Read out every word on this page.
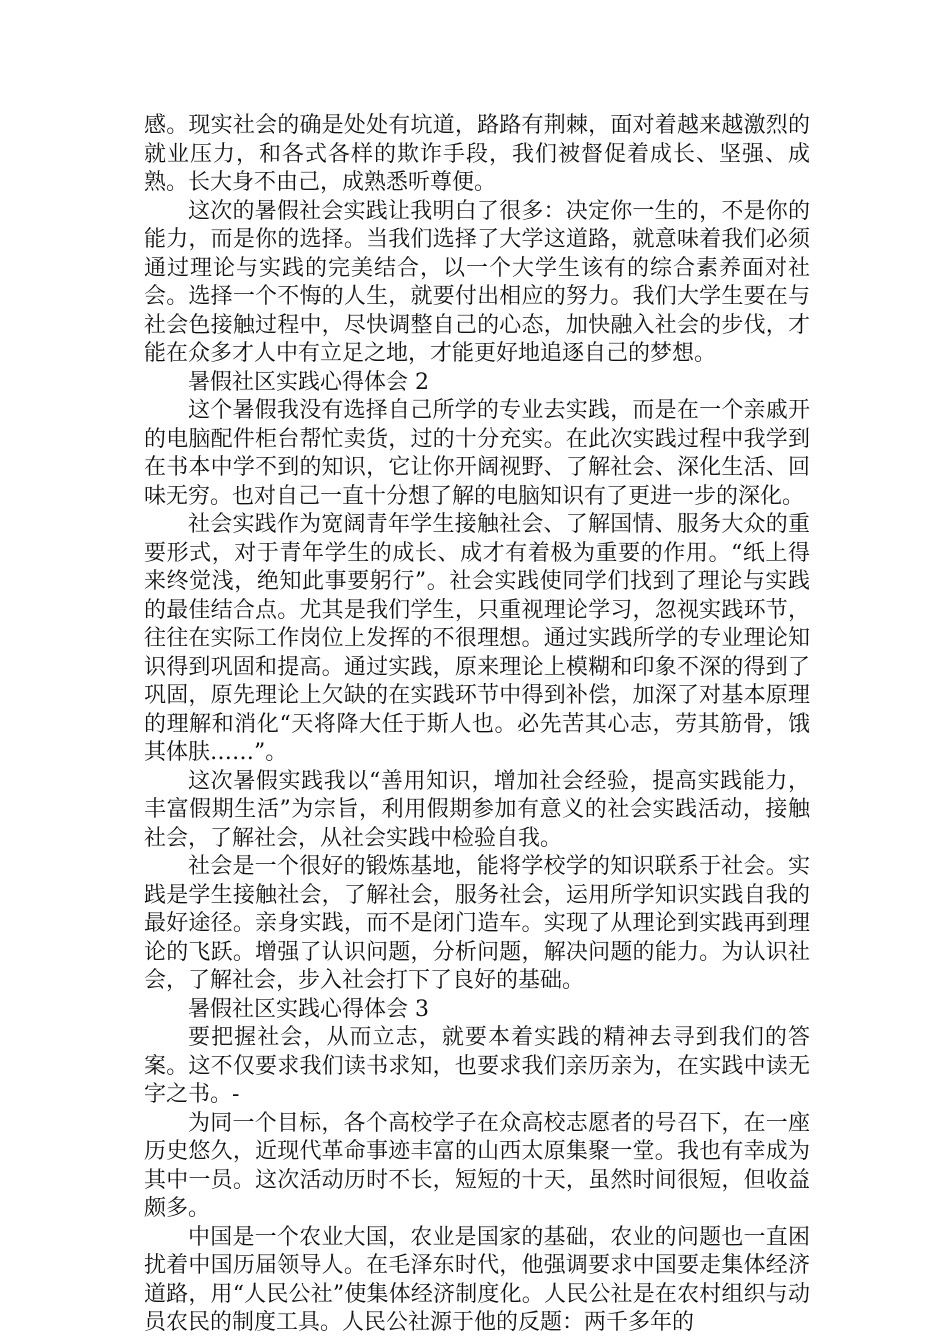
感。现实社会的确是处处有坑道，路路有荆棘，面对着越来越激烈的就业压力，和各式各样的欺诈手段，我们被督促着成长、坚强、成熟。长大身不由己，成熟悉听尊便。

这次的暑假社会实践让我明白了很多：决定你一生的，不是你的能力，而是你的选择。当我们选择了大学这道路，就意味着我们必须通过理论与实践的完美结合，以一个大学生该有的综合素养面对社会。选择一个不悔的人生，就要付出相应的努力。我们大学生要在与社会色接触过程中，尽快调整自己的心态，加快融入社会的步伐，才能在众多才人中有立足之地，才能更好地追逐自己的梦想。

暑假社区实践心得体会 2

这个暑假我没有选择自己所学的专业去实践，而是在一个亲戚开的电脑配件柜台帮忙卖货，过的十分充实。在此次实践过程中我学到在书本中学不到的知识，它让你开阔视野、了解社会、深化生活、回味无穷。也对自己一直十分想了解的电脑知识有了更进一步的深化。

社会实践作为宽阔青年学生接触社会、了解国情、服务大众的重要形式，对于青年学生的成长、成才有着极为重要的作用。“纸上得来终觉浅，绝知此事要躬行”。社会实践使同学们找到了理论与实践的最佳结合点。尤其是我们学生，只重视理论学习，忽视实践环节，往往在实际工作岗位上发挥的不很理想。通过实践所学的专业理论知识得到巩固和提高。通过实践，原来理论上模糊和印象不深的得到了巩固，原先理论上欠缺的在实践环节中得到补偿，加深了对基本原理的理解和消化“天将降大任于斯人也。必先苦其心志，劳其筋骨，饿其体肤……”。

这次暑假实践我以“善用知识，增加社会经验，提高实践能力，丰富假期生活”为宗旨，利用假期参加有意义的社会实践活动，接触社会，了解社会，从社会实践中检验自我。

社会是一个很好的锻炼基地，能将学校学的知识联系于社会。实践是学生接触社会，了解社会，服务社会，运用所学知识实践自我的最好途径。亲身实践，而不是闭门造车。实现了从理论到实践再到理论的飞跃。增强了认识问题，分析问题，解决问题的能力。为认识社会，了解社会，步入社会打下了良好的基础。

暑假社区实践心得体会 3

要把握社会，从而立志，就要本着实践的精神去寻到我们的答案。这不仅要求我们读书求知，也要求我们亲历亲为，在实践中读无字之书。-

为同一个目标，各个高校学子在众高校志愿者的号召下，在一座历史悠久，近现代革命事迹丰富的山西太原集聚一堂。我也有幸成为其中一员。这次活动历时不长，短短的十天，虽然时间很短，但收益颇多。

中国是一个农业大国，农业是国家的基础，农业的问题也一直困扰着中国历届领导人。在毛泽东时代，他强调要求中国要走集体经济道路，用“人民公社”使集体经济制度化。人民公社是在农村组织与动员农民的制度工具。人民公社源于他的反题：两千多年的
